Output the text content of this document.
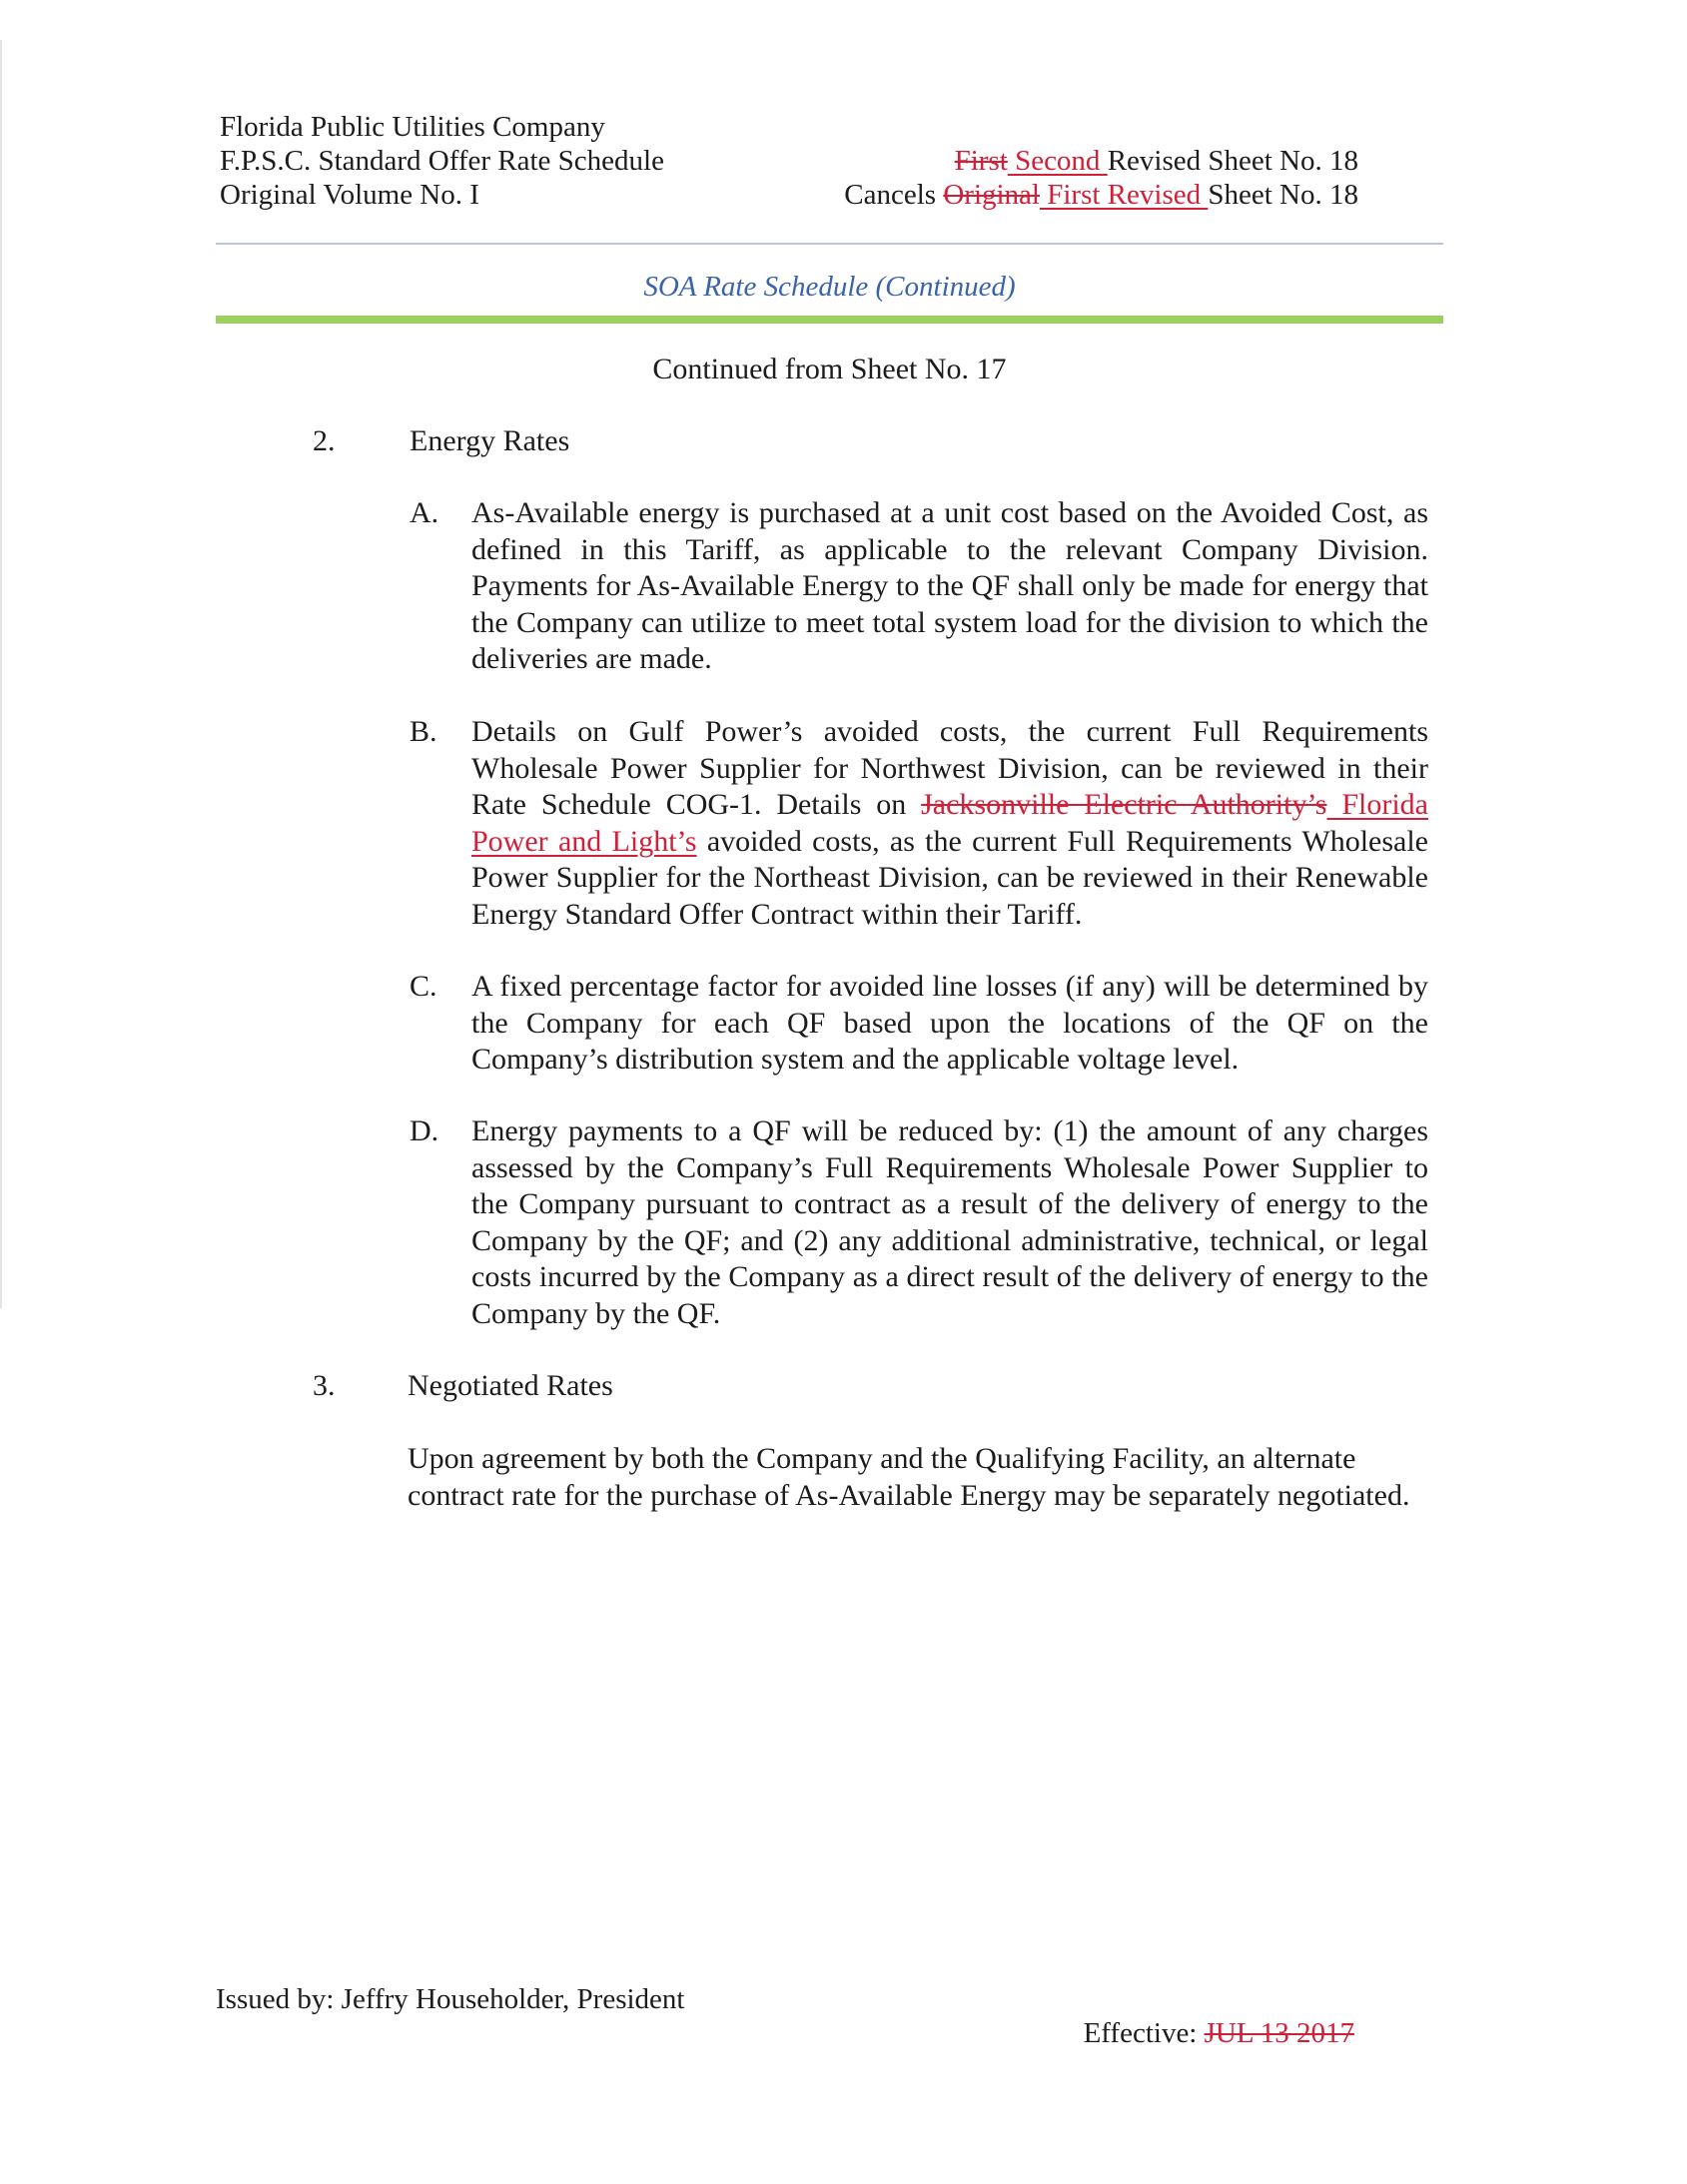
Florida Public Utilities Company
F.P.S.C. Standard Offer Rate Schedule
Original Volume No. I
First Second Revised Sheet No. 18
Cancels Original First Revised Sheet No. 18
SOA Rate Schedule (Continued)
Continued from Sheet No. 17
2. Energy Rates
A. As-Available energy is purchased at a unit cost based on the Avoided Cost, as defined in this Tariff, as applicable to the relevant Company Division. Payments for As-Available Energy to the QF shall only be made for energy that the Company can utilize to meet total system load for the division to which the deliveries are made.
B. Details on Gulf Power’s avoided costs, the current Full Requirements Wholesale Power Supplier for Northwest Division, can be reviewed in their Rate Schedule COG-1. Details on Jacksonville Electric Authority’s Florida Power and Light’s avoided costs, as the current Full Requirements Wholesale Power Supplier for the Northeast Division, can be reviewed in their Renewable Energy Standard Offer Contract within their Tariff.
C. A fixed percentage factor for avoided line losses (if any) will be determined by the Company for each QF based upon the locations of the QF on the Company’s distribution system and the applicable voltage level.
D. Energy payments to a QF will be reduced by: (1) the amount of any charges assessed by the Company’s Full Requirements Wholesale Power Supplier to the Company pursuant to contract as a result of the delivery of energy to the Company by the QF; and (2) any additional administrative, technical, or legal costs incurred by the Company as a direct result of the delivery of energy to the Company by the QF.
3. Negotiated Rates
Upon agreement by both the Company and the Qualifying Facility, an alternate contract rate for the purchase of As-Available Energy may be separately negotiated.
Issued by: Jeffry Householder, President
Effective: JUL 13 2017
